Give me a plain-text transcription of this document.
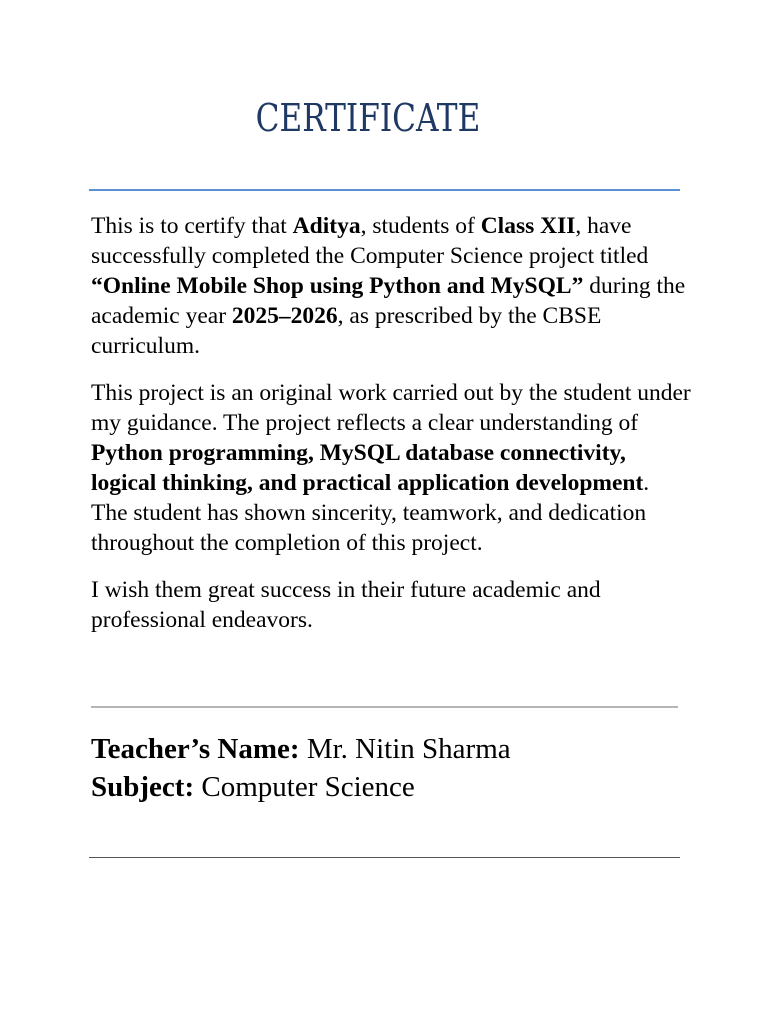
CERTIFICATE

This is to certify that Aditya, students of Class XII, have successfully completed the Computer Science project titled “Online Mobile Shop using Python and MySQL” during the academic year 2025–2026, as prescribed by the CBSE curriculum.

This project is an original work carried out by the student under my guidance. The project reflects a clear understanding of Python programming, MySQL database connectivity, logical thinking, and practical application development. The student has shown sincerity, teamwork, and dedication throughout the completion of this project.

I wish them great success in their future academic and professional endeavors.

Teacher’s Name: Mr. Nitin Sharma
Subject: Computer Science
